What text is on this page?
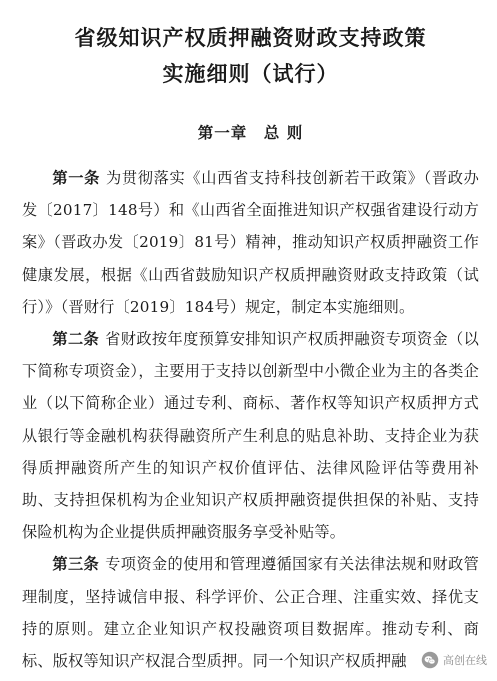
省级知识产权质押融资财政支持政策
实施细则（试行）
第一章　总 则

第一条 为贯彻落实《山西省支持科技创新若干政策》（晋政办发〔2017〕148号）和《山西省全面推进知识产权强省建设行动方案》（晋政办发〔2019〕81号）精神，推动知识产权质押融资工作健康发展，根据《山西省鼓励知识产权质押融资财政支持政策（试行）》（晋财行〔2019〕184号）规定，制定本实施细则。

第二条 省财政按年度预算安排知识产权质押融资专项资金（以下简称专项资金），主要用于支持以创新型中小微企业为主的各类企业（以下简称企业）通过专利、商标、著作权等知识产权质押方式从银行等金融机构获得融资所产生利息的贴息补助、支持企业为获得质押融资所产生的知识产权价值评估、法律风险评估等费用补助、支持担保机构为企业知识产权质押融资提供担保的补贴、支持保险机构为企业提供质押融资服务享受补贴等。

第三条 专项资金的使用和管理遵循国家有关法律法规和财政管理制度，坚持诚信申报、科学评价、公正合理、注重实效、择优支持的原则。建立企业知识产权投融资项目数据库。推动专利、商标、版权等知识产权混合型质押。同一个知识产权质押融	高创在线
